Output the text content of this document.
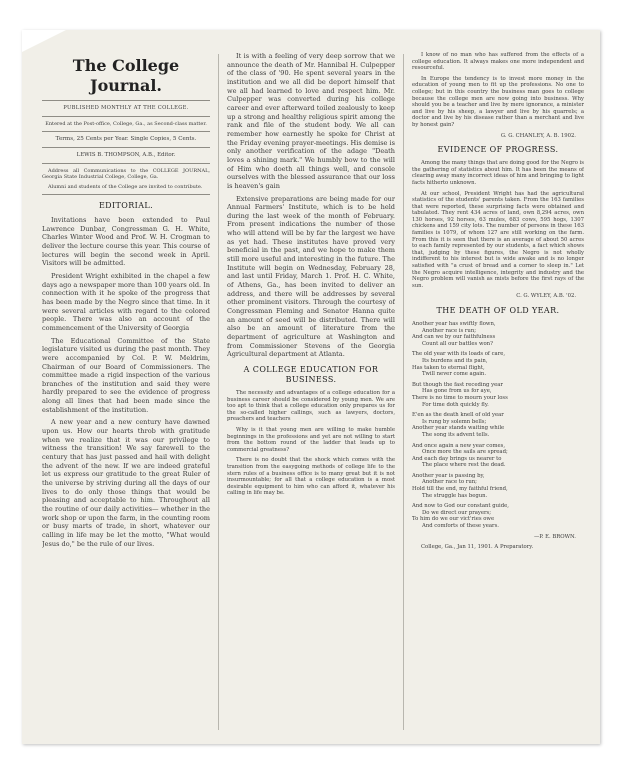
The College Journal.
PUBLISHED MONTHLY AT THE COLLEGE.
Entered at the Post-office, College, Ga., as Second-class matter.
Terms, 25 Cents per Year. Single Copies, 5 Cents.
LEWIS B. THOMPSON, A.B., Editor.

Address all Communications to the COLLEGE JOURNAL, Georgia State Industrial College, College, Ga.

Alumni and students of the College are invited to contribute.

EDITORIAL.

Invitations have been extended to Paul Lawrence Dunbar, Congressman G. H. White, Charles Winter Wood and Prof. W. H. Crogman to deliver the lecture course this year. This course of lectures will begin the second week in April. Visitors will be admitted.

President Wright exhibited in the chapel a few days ago a newspaper more than 100 years old. In connection with it he spoke of the progress that has been made by the Negro since that time. In it were several articles with regard to the colored people. There was also an account of the commencement of the University of Georgia

The Educational Committee of the State legislature visited us during the past month. They were accompanied by Col. P. W. Meldrim, Chairman of our Board of Commissioners. The committee made a rigid inspection of the various branches of the institution and said they were hardly prepared to see the evidence of progress along all lines that had been made since the establishment of the institution.

A new year and a new century have dawned upon us. How our hearts throb with gratitude when we realize that it was our privilege to witness the transition! We say farewell to the century that has just passed and hail with delight the advent of the new. If we are indeed grateful let us express our gratitude to the great Ruler of the universe by striving during all the days of our lives to do only those things that would be pleasing and acceptable to him. Throughout all the routine of our daily activities— whether in the work shop or upon the farm, in the counting room or busy marts of trade, in short, whatever our calling in life may be let the motto, "What would Jesus do," be the rule of our lives.

It is with a feeling of very deep sorrow that we announce the death of Mr. Hannibal H. Culpepper of the class of '90. He spent several years in the institution and we all did be deport himself that we all had learned to love and respect him. Mr. Culpepper was converted during his college career and ever afterward toiled zealously to keep up a strong and healthy religious spirit among the rank and file of the student body. We all can remember how earnestly he spoke for Christ at the Friday evening prayer-meetings. His demise is only another verification of the adage "Death loves a shining mark." We humbly bow to the will of Him who doeth all things well, and console ourselves with the blessed assurance that our loss is heaven's gain

Extensive preparations are being made for our Annual Farmers' Institute, which is to be held during the last week of the month of February. From present indications the number of those who will attend will be by far the largest we have as yet had. These institutes have proved very beneficial in the past, and we hope to make them still more useful and interesting in the future. The Institute will begin on Wednesday, February 28, and last until Friday, March 1. Prof. H. C. White, of Athens, Ga., has been invited to deliver an address, and there will be addresses by several other prominent visitors. Through the courtesy of Congressman Fleming and Senator Hanna quite an amount of seed will be distributed. There will also be an amount of literature from the department of agriculture at Washington and from Commissioner Stevens of the Georgia Agricultural department at Atlanta.

A COLLEGE EDUCATION FOR BUSINESS.

The necessity and advantages of a college education for a business career should be considered by young men. We are too apt to think that a college education only prepares us for the so-called higher callings, such as lawyers, doctors, preachers and teachers

Why is it that young men are willing to make humble beginnings in the professions and yet are not willing to start from the bottom round of the ladder that leads up to commercial greatness?

There is no doubt that the shock which comes with the transition from the easygoing methods of college life to the stern rules of a business office is to many great but it is not insurmountable; for all that a college education is a most desirable equipment to him who can afford it, whatever his calling in life may be.

I know of no man who has suffered from the effects of a college education. It always makes one more independent and resourceful.

In Europe the tendency is to invest more money in the education of young men to fit up the professions. No one to college; but in this country the business man goes to college because the college men are now going into business. Why should you be a teacher and live by mere ignorance, a minister and live by his sheep, a lawyer and live by his quarrels; a doctor and live by his disease rather than a merchant and live by honest gain?

G. G. CHANLEY, A. B. 1902.

EVIDENCE OF PROGRESS.

Among the many things that are doing good for the Negro is the gathering of statistics about him. It has been the means of clearing away many incorrect ideas of him and bringing to light facts hitherto unknown.

At our school, President Wright has had the agricultural statistics of the students' parents taken. From the 163 families that were reported, these surprising facts were obtained and tabulated. They rent 434 acres of land, own 8,294 acres, own 130 horses, 92 horses, 63 mules, 683 cows, 595 hogs, 1307 chickens and 159 city lots. The number of persons in these 163 families is 1079, of whom 127 are still working on the farm. From this it is seen that there is an average of about 50 acres to each family represented by our students, a fact which shows that, judging by these figures, the Negro is not wholly indifferent to his interest but is wide awake and is no longer satisfied with "a crust of bread and a corner to sleep in." Let the Negro acquire intelligence, integrity and industry and the Negro problem will vanish as mists before the first rays of the sun.

C. G. WYLEY, A.B. '02.

THE DEATH OF OLD YEAR.
Another year has swiftly flown,
Another race is run;
And can we by our faithfulness
Count all our battles won?
The old year with its loads of care,
Its burdens and its pain,
Has taken to eternal flight,
Twill never come again.
But though the fast receding year
Has gone from us for aye,
There is no time to mourn your loss
For time doth quickly fly.
E'en as the death knell of old year
Is rung by solemn bells;
Another year stands waiting while
The song its advent tells.
And once again a new year comes,
Once more the sails are spread;
And each day brings us nearer to
The place where rest the dead.
Another year is passing by,
Another race to run;
Hold till the end, my faithful friend,
The struggle has begun.
And now to God our constant guide,
Do we direct our prayers;
To him do we our vict'ries owe
And comforts of these years.

—P. E. BROWN.

College, Ga., Jan 11, 1901. A Preparatory.
